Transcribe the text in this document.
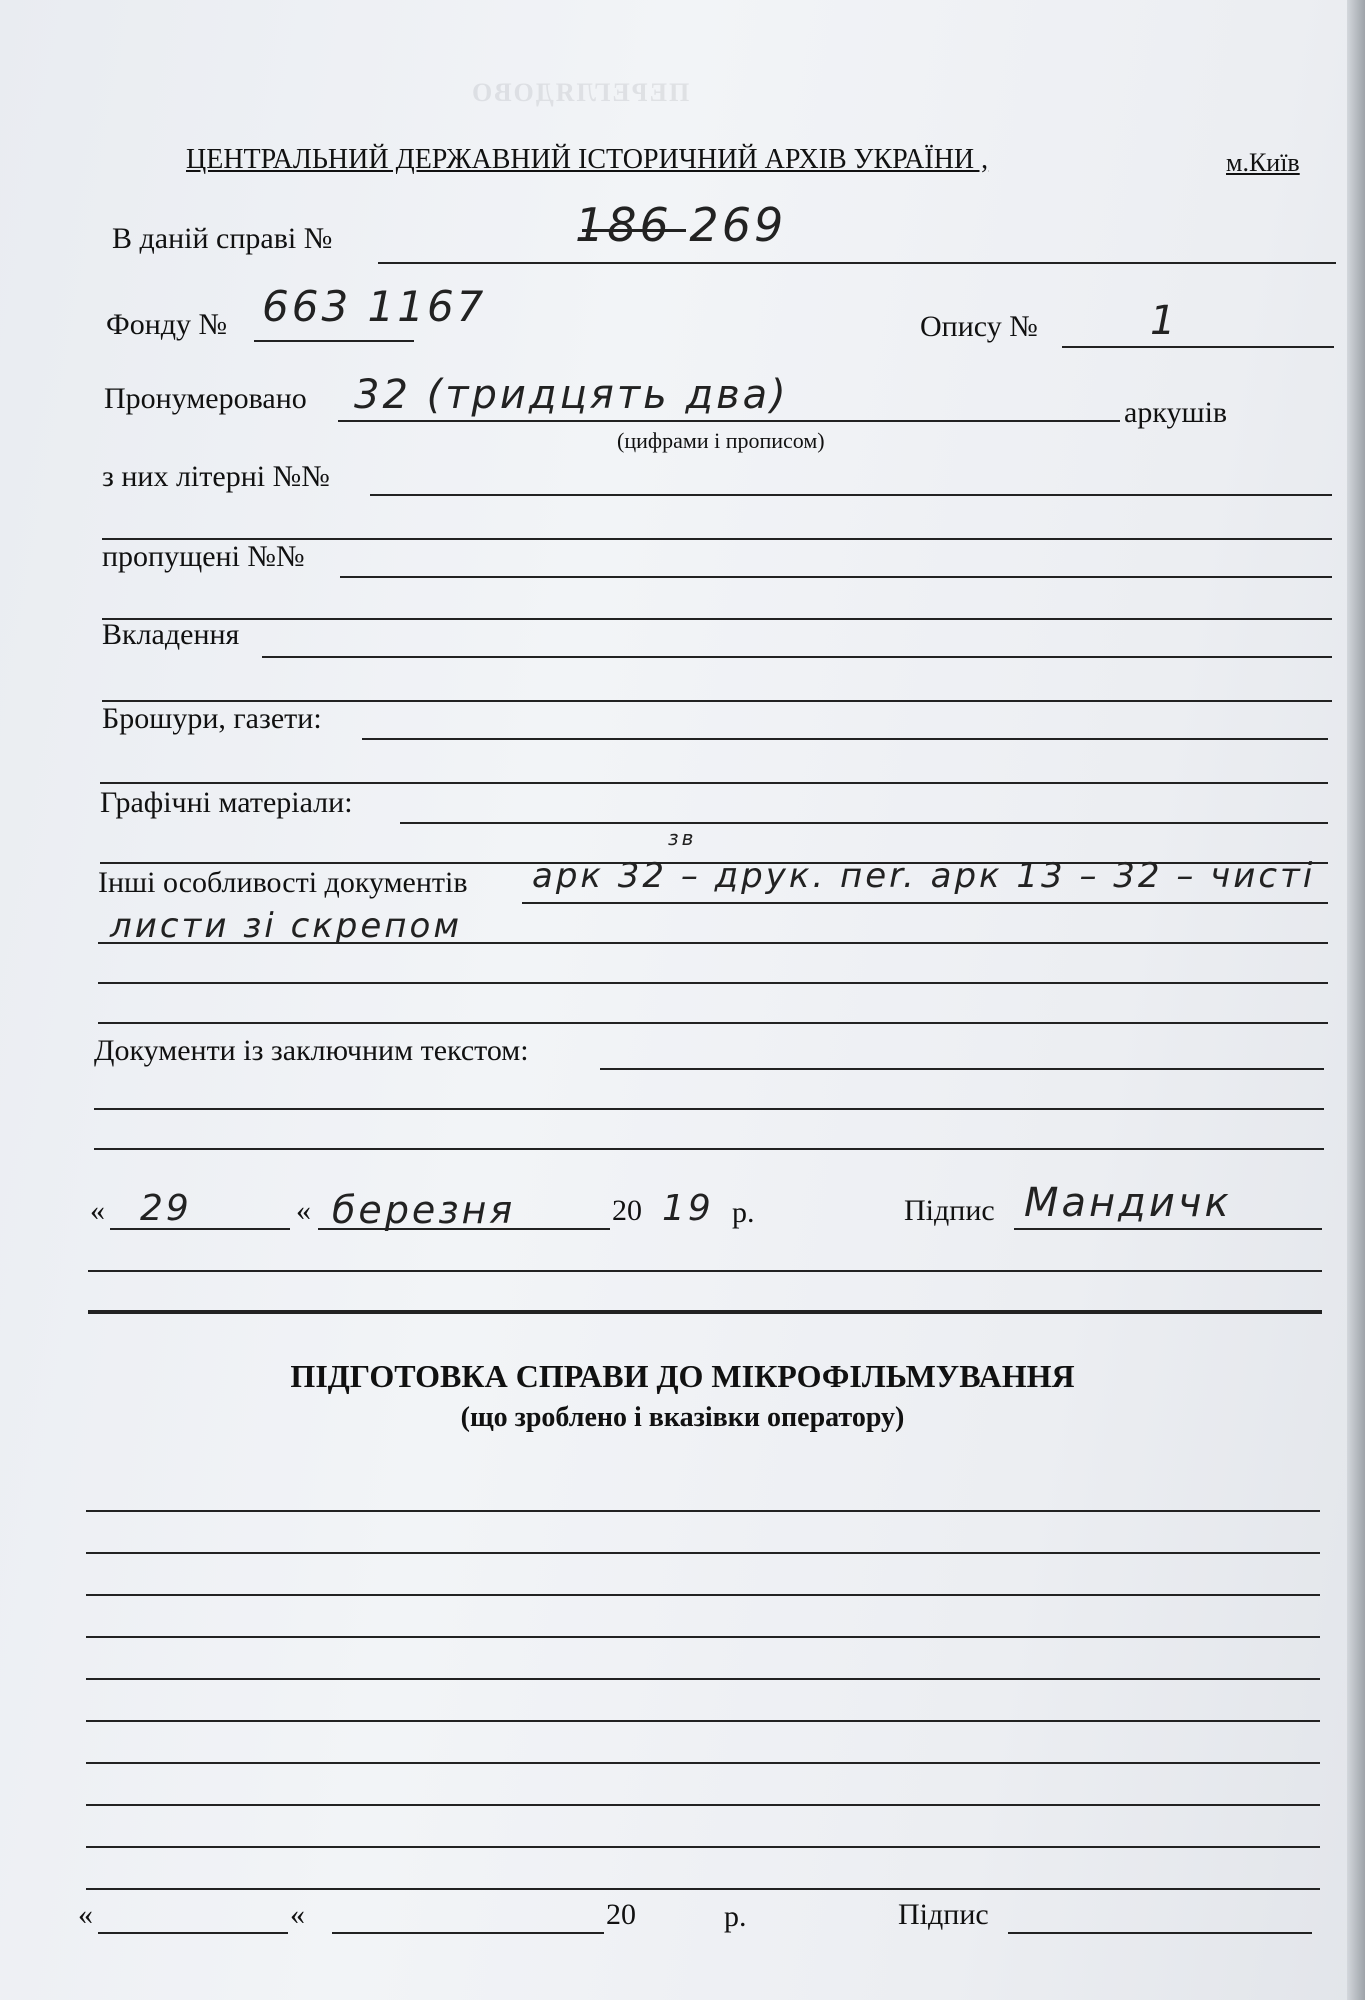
ПЕРЕГЛЯДОВО
ЦЕНТРАЛЬНИЙ ДЕРЖАВНИЙ ІСТОРИЧНИЙ АРХІВ УКРАЇНИ ,	м.Київ
В даній справі №	186 269
Фонду № 663 1167	Опису №	1
Пронумеровано 32 (тридцять два)
(цифрами і прописом)
аркушів
з них літерні №№
пропущені №№
Вкладення
Брошури, газети:
Графічні матеріали:
Інші особливості документів арк 32 – друк. пеr. арк 13 – 32 – чисті
зв
листи зі скрепом
Документи із заключним текстом:
« 29	« березня	20 19 р.	Підпис Мандичк
ПІДГОТОВКА СПРАВИ ДО МІКРОФІЛЬМУВАННЯ
(що зроблено і вказівки оператору)
«	«	20	р.	Підпис
